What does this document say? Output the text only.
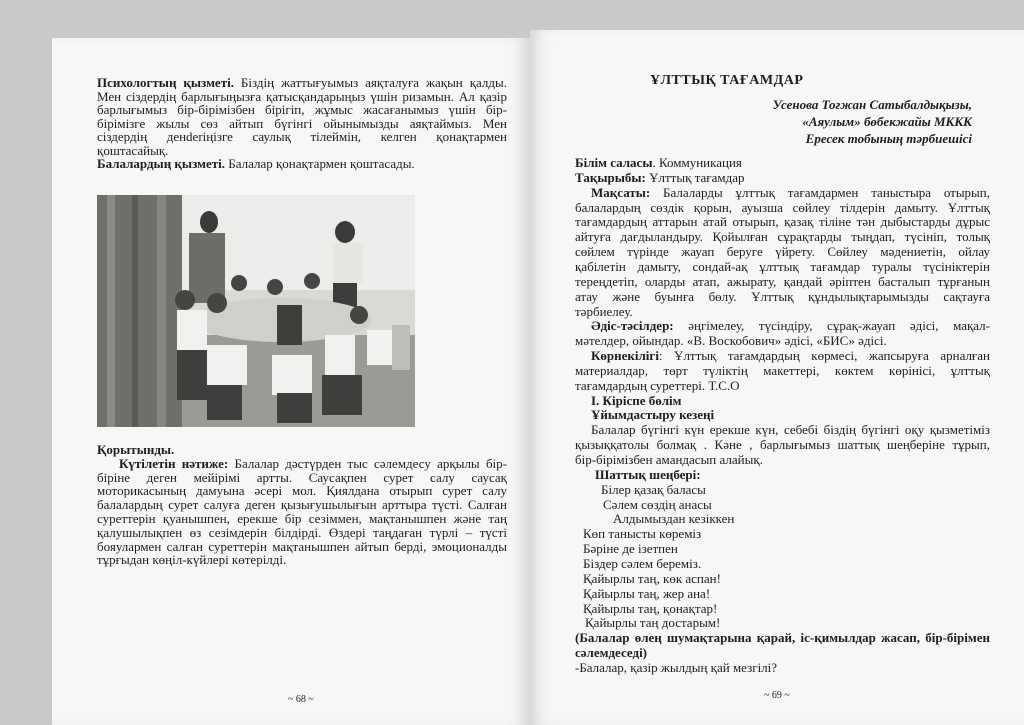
Психологтың қызметі. Біздің жаттығуымыз аяқталуға жақын қалды.
Мен сіздердің барлығыңызға қатысқандарыңыз үшін ризамын. Ал қазір
барлығымыз бір-бірімізбен бірігіп, жұмыс жасағанымыз үшін бір-
бірімізге жылы сөз айтып бүгінгі ойынымызды аяқтаймыз. Мен
сіздердің денderіңізге саулық тілеймін, келген қонақтармен
қоштасайық.
Балалардың қызметі. Балалар қонақтармен қоштасады.
Қорытынды.
Күтілетін нәтиже: Балалар дәстүрден тыс сәлемдесу арқылы бір-
біріне деген мейірімі артты. Саусақпен сурет салу саусақ
моторикасының дамуына әсері мол. Қиялдана отырып сурет салу
балалардың сурет салуға деген қызығушылығын арттыра түсті. Салған
суреттерін қуанышпен, ерекше бір сезіммен, мақтанышпен және таң
қалушылықпен өз сезімдерін білдірді. Өздері таңдаған түрлі – түсті
бояулармен салған суреттерін мақтанышпен айтып берді, эмоционалды
тұрғыдан көңіл-күйлері көтерілді.
Білім саласы. Коммуникация
Тақырыбы: Ұлттық тағамдар
Мақсаты: Балаларды ұлттық тағамдармен таныстыра отырып,
балалардың сөздік қорын, ауызша сөйлеу тілдерін дамыту. Ұлттық
тағамдардың аттарын атай отырып, қазақ тіліне тән дыбыстарды дұрыс
айтуға дағдыландыру. Қойылған сұрақтарды тыңдап, түсініп, толық
сөйлем түрінде жауап беруге үйрету. Сөйлеу мәдениетін, ойлау
қабілетін дамыту, сондай-ақ ұлттық тағамдар туралы түсініктерін
тереңдетіп, оларды атап, ажырату, қандай әріптен басталып тұрғанын
атау және буынға бөлу. Ұлттық құндылықтарымызды сақтауға
тәрбиелеу.
Әдіс-тәсілдер: әңгімелеу, түсіндіру, сұрақ-жауап әдісі, мақал-
мәтелдер, ойындар. «В. Воскобович» әдісі, «БИС» әдісі.
Көрнекілігі: Ұлттық тағамдардың көрмесі, жапсыруға арналған
материалдар, төрт түліктің макеттері, көктем көрінісі, ұлттық
тағамдардың суреттері. Т.С.О
І. Кіріспе бөлім
Ұйымдастыру кезеңі
Балалар бүгінгі күн ерекше күн, себебі біздің бүгінгі оқу қызметіміз
қызыққатолы болмақ . Кәне , барлығымыз шаттық шеңберіне тұрып,
бір-бірімізбен амандасып алайық.
Шаттық шеңбері:
Білер қазақ баласы
Сәлем сөздің анасы
Алдымыздан кезіккен
Көп танысты көреміз
Бәріне де ізетпен
Біздер сәлем береміз.
Қайырлы таң, көк аспан!
Қайырлы таң, жер ана!
Қайырлы таң, қонақтар!
Қайырлы таң достарым!
(Балалар өлең шумақтарына қарай, іс-қимылдар жасап, бір-бірімен
сәлемдеседі)
-Балалар, қазір жылдың қай мезгілі?
ҰЛТТЫҚ ТАҒАМДАР
Усенова Тоғжан Сатыбалдықызы,
«Аяулым» бөбекжайы МККК
Ересек тобының тәрбиешісі
~ 68 ~	~ 69 ~
